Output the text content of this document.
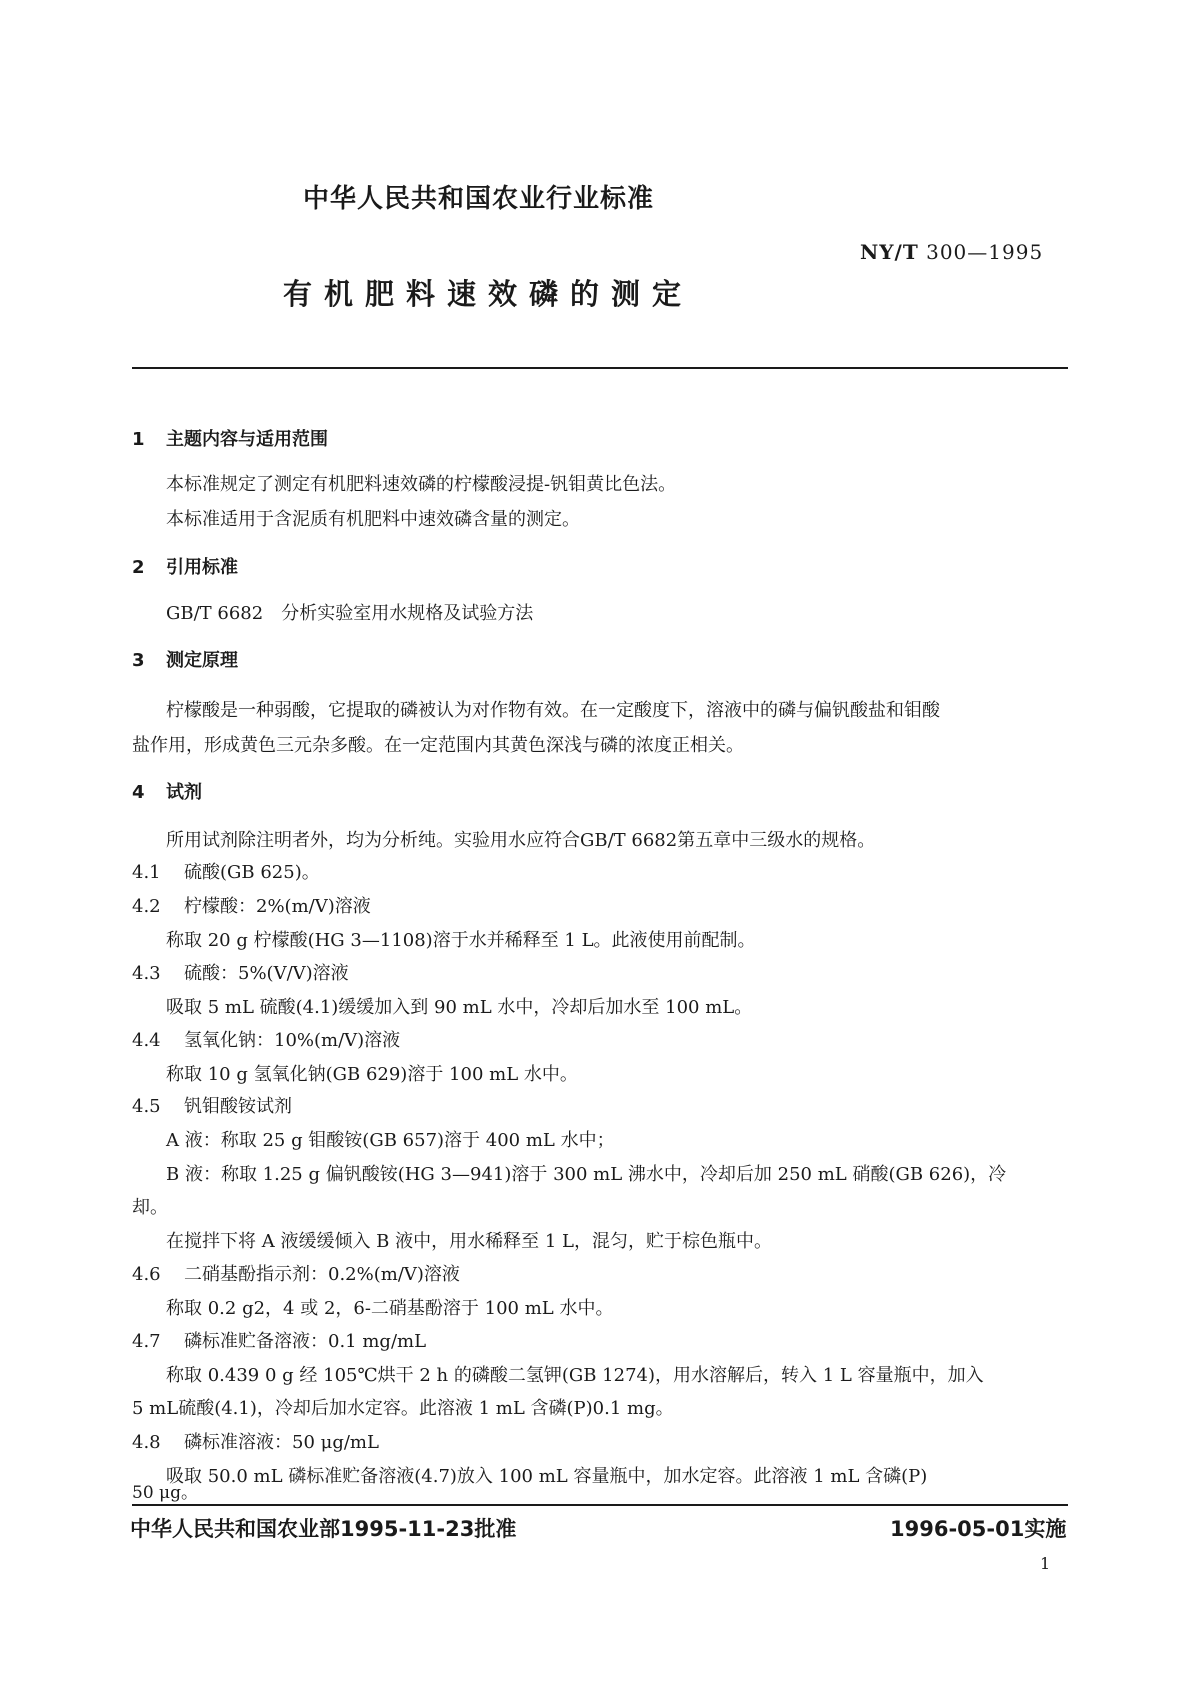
中华人民共和国农业行业标准
NY/T 300—1995
有机肥料速效磷的测定
1 主题内容与适用范围
本标准规定了测定有机肥料速效磷的柠檬酸浸提-钒钼黄比色法。
本标准适用于含泥质有机肥料中速效磷含量的测定。
2 引用标准
GB/T 6682　分析实验室用水规格及试验方法
3 测定原理
柠檬酸是一种弱酸，它提取的磷被认为对作物有效。在一定酸度下，溶液中的磷与偏钒酸盐和钼酸
盐作用，形成黄色三元杂多酸。在一定范围内其黄色深浅与磷的浓度正相关。
4 试剂
所用试剂除注明者外，均为分析纯。实验用水应符合GB/T 6682第五章中三级水的规格。
4.1 硫酸(GB 625)。
4.2 柠檬酸：2%(m/V)溶液
称取 20 g 柠檬酸(HG 3—1108)溶于水并稀释至 1 L。此液使用前配制。
4.3 硫酸：5%(V/V)溶液
吸取 5 mL 硫酸(4.1)缓缓加入到 90 mL 水中，冷却后加水至 100 mL。
4.4 氢氧化钠：10%(m/V)溶液
称取 10 g 氢氧化钠(GB 629)溶于 100 mL 水中。
4.5 钒钼酸铵试剂
A 液：称取 25 g 钼酸铵(GB 657)溶于 400 mL 水中；
B 液：称取 1.25 g 偏钒酸铵(HG 3—941)溶于 300 mL 沸水中，冷却后加 250 mL 硝酸(GB 626)，冷
却。
在搅拌下将 A 液缓缓倾入 B 液中，用水稀释至 1 L，混匀，贮于棕色瓶中。
4.6 二硝基酚指示剂：0.2%(m/V)溶液
称取 0.2 g2，4 或 2，6-二硝基酚溶于 100 mL 水中。
4.7 磷标准贮备溶液：0.1 mg/mL
称取 0.439 0 g 经 105℃烘干 2 h 的磷酸二氢钾(GB 1274)，用水溶解后，转入 1 L 容量瓶中，加入
5 mL硫酸(4.1)，冷却后加水定容。此溶液 1 mL 含磷(P)0.1 mg。
4.8 磷标准溶液：50 μg/mL
吸取 50.0 mL 磷标准贮备溶液(4.7)放入 100 mL 容量瓶中，加水定容。此溶液 1 mL 含磷(P)
50 μg。
中华人民共和国农业部1995-11-23批准	1996-05-01实施
1
